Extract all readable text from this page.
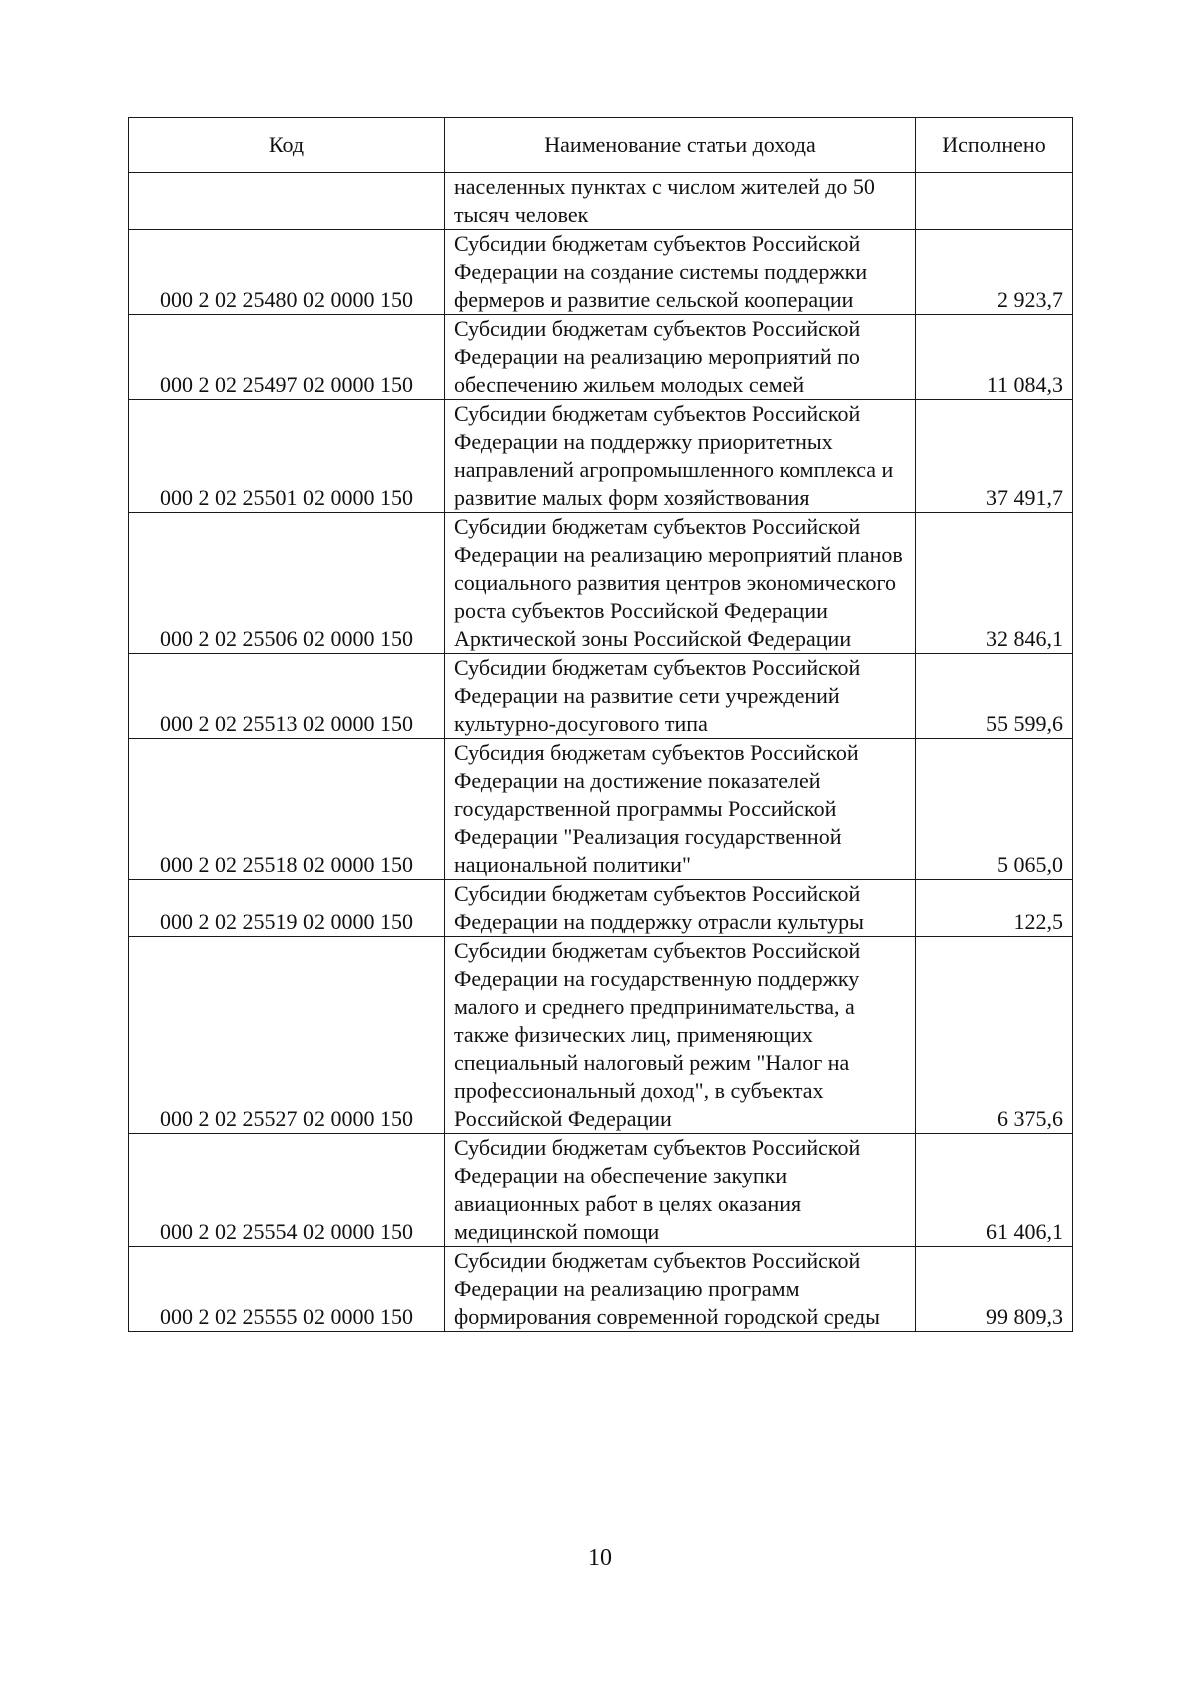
Код	Наименование статьи дохода	Исполнено
	населенных пунктах с числом жителей до 50 тысяч человек	
000 2 02 25480 02 0000 150	Субсидии бюджетам субъектов Российской Федерации на создание системы поддержки фермеров и развитие сельской кооперации	2 923,7
000 2 02 25497 02 0000 150	Субсидии бюджетам субъектов Российской Федерации на реализацию мероприятий по обеспечению жильем молодых семей	11 084,3
000 2 02 25501 02 0000 150	Субсидии бюджетам субъектов Российской Федерации на поддержку приоритетных направлений агропромышленного комплекса и развитие малых форм хозяйствования	37 491,7
000 2 02 25506 02 0000 150	Субсидии бюджетам субъектов Российской Федерации на реализацию мероприятий планов социального развития центров экономического роста субъектов Российской Федерации Арктической зоны Российской Федерации	32 846,1
000 2 02 25513 02 0000 150	Субсидии бюджетам субъектов Российской Федерации на развитие сети учреждений культурно-досугового типа	55 599,6
000 2 02 25518 02 0000 150	Субсидия бюджетам субъектов Российской Федерации на достижение показателей государственной программы Российской Федерации "Реализация государственной национальной политики"	5 065,0
000 2 02 25519 02 0000 150	Субсидии бюджетам субъектов Российской Федерации на поддержку отрасли культуры	122,5
000 2 02 25527 02 0000 150	Субсидии бюджетам субъектов Российской Федерации на государственную поддержку малого и среднего предпринимательства, а также физических лиц, применяющих специальный налоговый режим "Налог на профессиональный доход", в субъектах Российской Федерации	6 375,6
000 2 02 25554 02 0000 150	Субсидии бюджетам субъектов Российской Федерации на обеспечение закупки авиационных работ в целях оказания медицинской помощи	61 406,1
000 2 02 25555 02 0000 150	Субсидии бюджетам субъектов Российской Федерации на реализацию программ формирования современной городской среды	99 809,3
10
